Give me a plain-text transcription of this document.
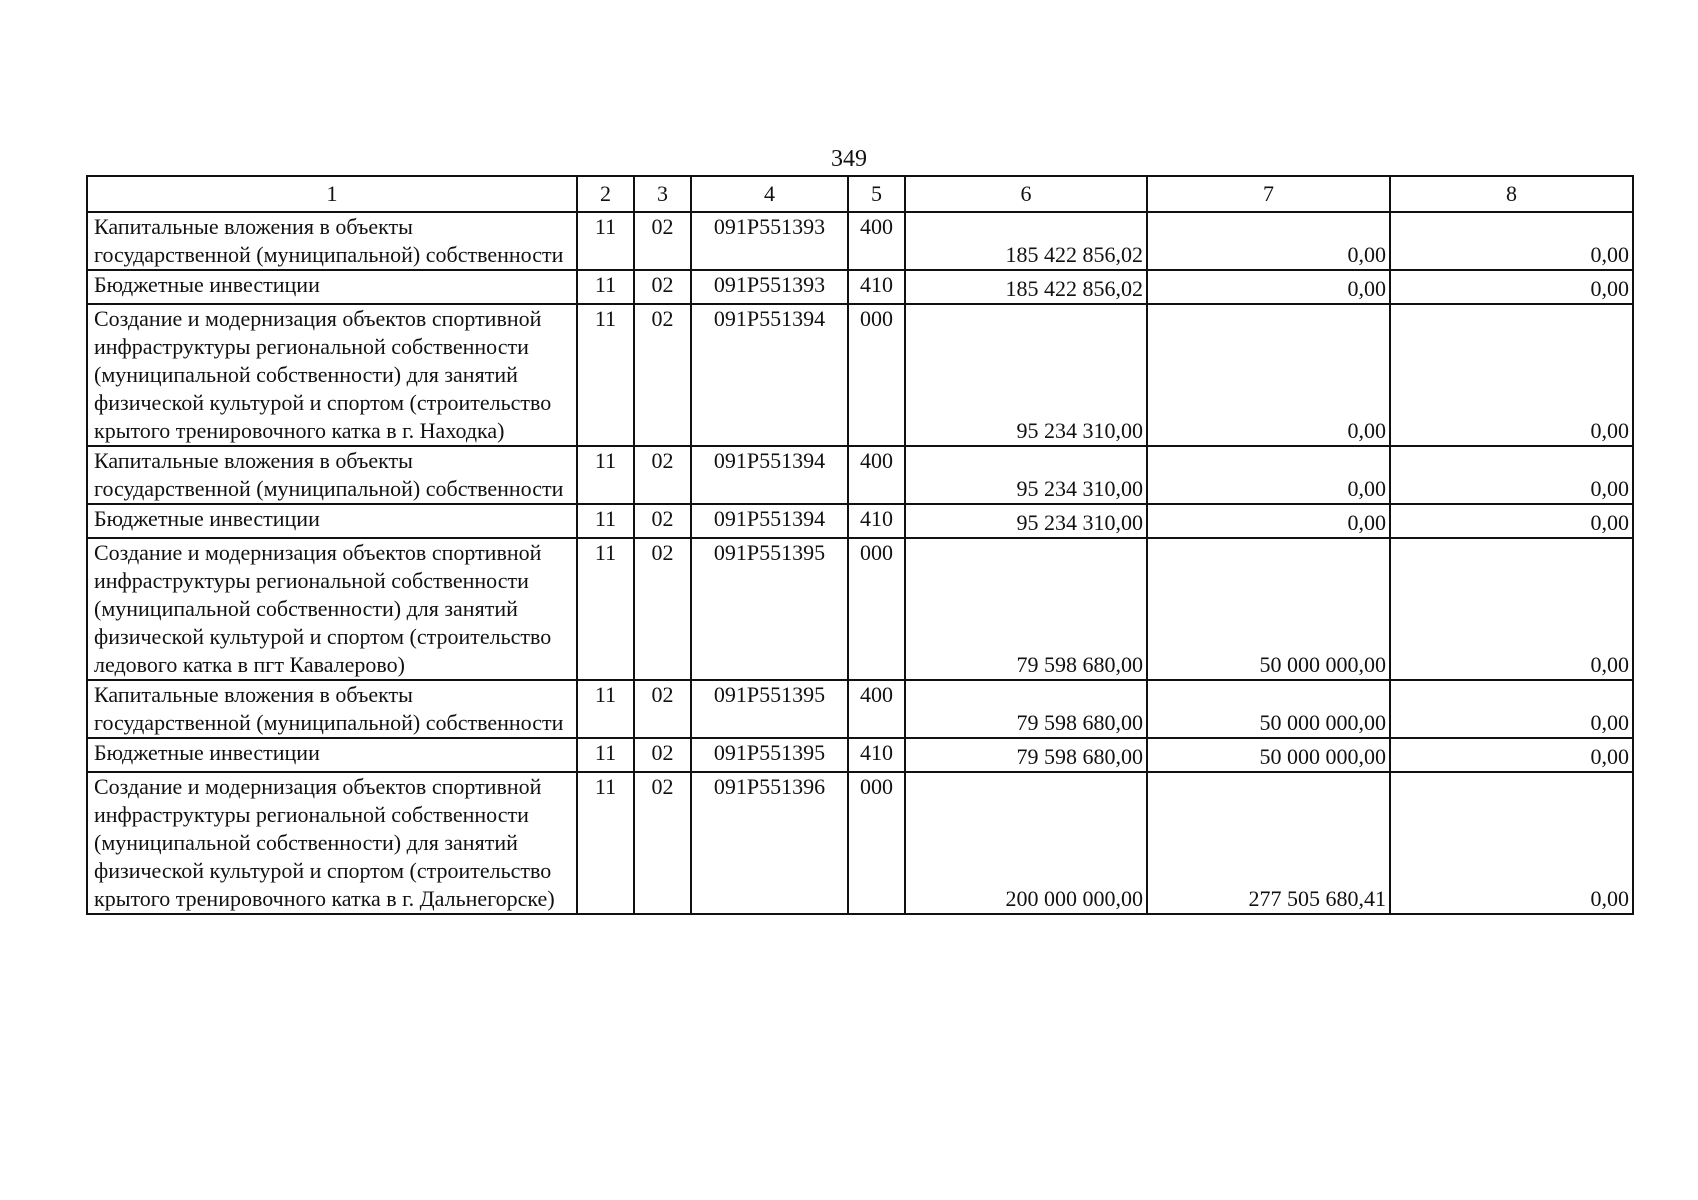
349
1	2	3	4	5	6	7	8
Капитальные вложения в объекты государственной (муниципальной) собственности	11	02	091Р551393	400	185 422 856,02	0,00	0,00
Бюджетные инвестиции	11	02	091Р551393	410	185 422 856,02	0,00	0,00
Создание и модернизация объектов спортивной инфраструктуры региональной собственности (муниципальной собственности) для занятий физической культурой и спортом (строительство крытого тренировочного катка в г. Находка)	11	02	091Р551394	000	95 234 310,00	0,00	0,00
Капитальные вложения в объекты государственной (муниципальной) собственности	11	02	091Р551394	400	95 234 310,00	0,00	0,00
Бюджетные инвестиции	11	02	091Р551394	410	95 234 310,00	0,00	0,00
Создание и модернизация объектов спортивной инфраструктуры региональной собственности (муниципальной собственности) для занятий физической культурой и спортом (строительство ледового катка в пгт Кавалерово)	11	02	091Р551395	000	79 598 680,00	50 000 000,00	0,00
Капитальные вложения в объекты государственной (муниципальной) собственности	11	02	091Р551395	400	79 598 680,00	50 000 000,00	0,00
Бюджетные инвестиции	11	02	091Р551395	410	79 598 680,00	50 000 000,00	0,00
Создание и модернизация объектов спортивной инфраструктуры региональной собственности (муниципальной собственности) для занятий физической культурой и спортом (строительство крытого тренировочного катка в г. Дальнегорске)	11	02	091Р551396	000	200 000 000,00	277 505 680,41	0,00
